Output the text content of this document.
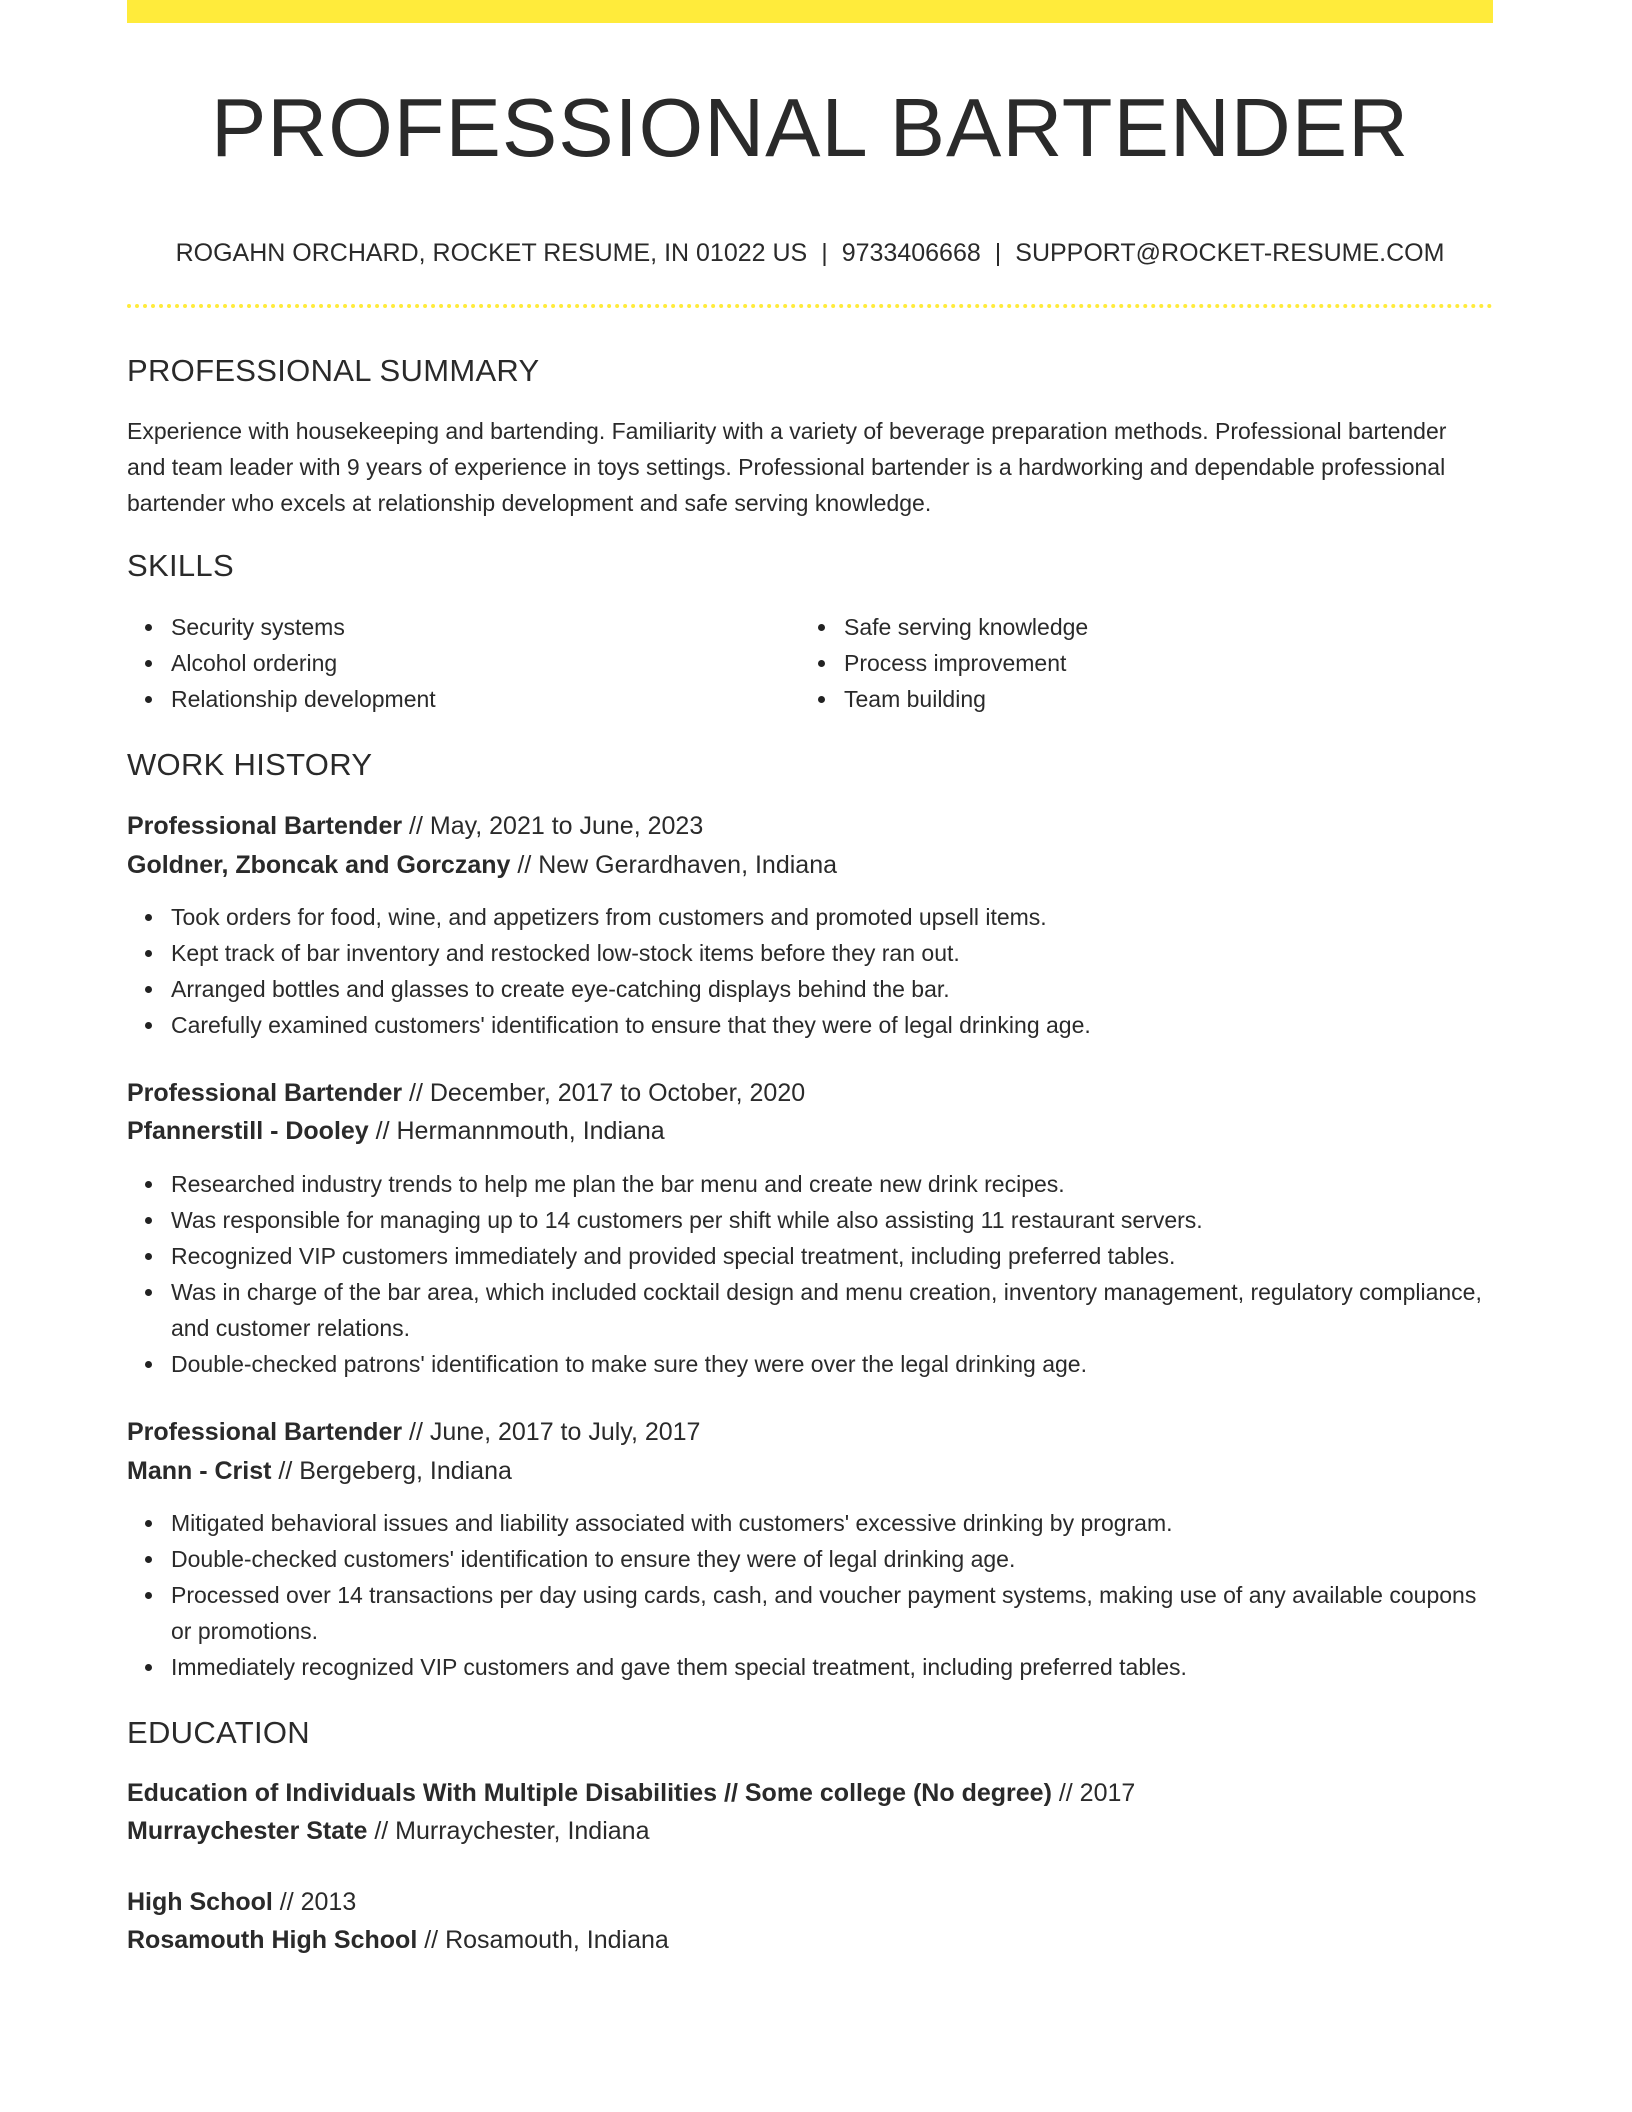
PROFESSIONAL BARTENDER
ROGAHN ORCHARD, ROCKET RESUME, IN 01022 US | 9733406668 | SUPPORT@ROCKET-RESUME.COM
PROFESSIONAL SUMMARY
Experience with housekeeping and bartending. Familiarity with a variety of beverage preparation methods. Professional bartender and team leader with 9 years of experience in toys settings. Professional bartender is a hardworking and dependable professional bartender who excels at relationship development and safe serving knowledge.
SKILLS
Security systems
Alcohol ordering
Relationship development
Safe serving knowledge
Process improvement
Team building
WORK HISTORY
Professional Bartender // May, 2021 to June, 2023
Goldner, Zboncak and Gorczany // New Gerardhaven, Indiana
Took orders for food, wine, and appetizers from customers and promoted upsell items.
Kept track of bar inventory and restocked low-stock items before they ran out.
Arranged bottles and glasses to create eye-catching displays behind the bar.
Carefully examined customers' identification to ensure that they were of legal drinking age.
Professional Bartender // December, 2017 to October, 2020
Pfannerstill - Dooley // Hermannmouth, Indiana
Researched industry trends to help me plan the bar menu and create new drink recipes.
Was responsible for managing up to 14 customers per shift while also assisting 11 restaurant servers.
Recognized VIP customers immediately and provided special treatment, including preferred tables.
Was in charge of the bar area, which included cocktail design and menu creation, inventory management, regulatory compliance, and customer relations.
Double-checked patrons' identification to make sure they were over the legal drinking age.
Professional Bartender // June, 2017 to July, 2017
Mann - Crist // Bergeberg, Indiana
Mitigated behavioral issues and liability associated with customers' excessive drinking by program.
Double-checked customers' identification to ensure they were of legal drinking age.
Processed over 14 transactions per day using cards, cash, and voucher payment systems, making use of any available coupons or promotions.
Immediately recognized VIP customers and gave them special treatment, including preferred tables.
EDUCATION
Education of Individuals With Multiple Disabilities // Some college (No degree) // 2017
Murraychester State // Murraychester, Indiana
High School // 2013
Rosamouth High School // Rosamouth, Indiana
